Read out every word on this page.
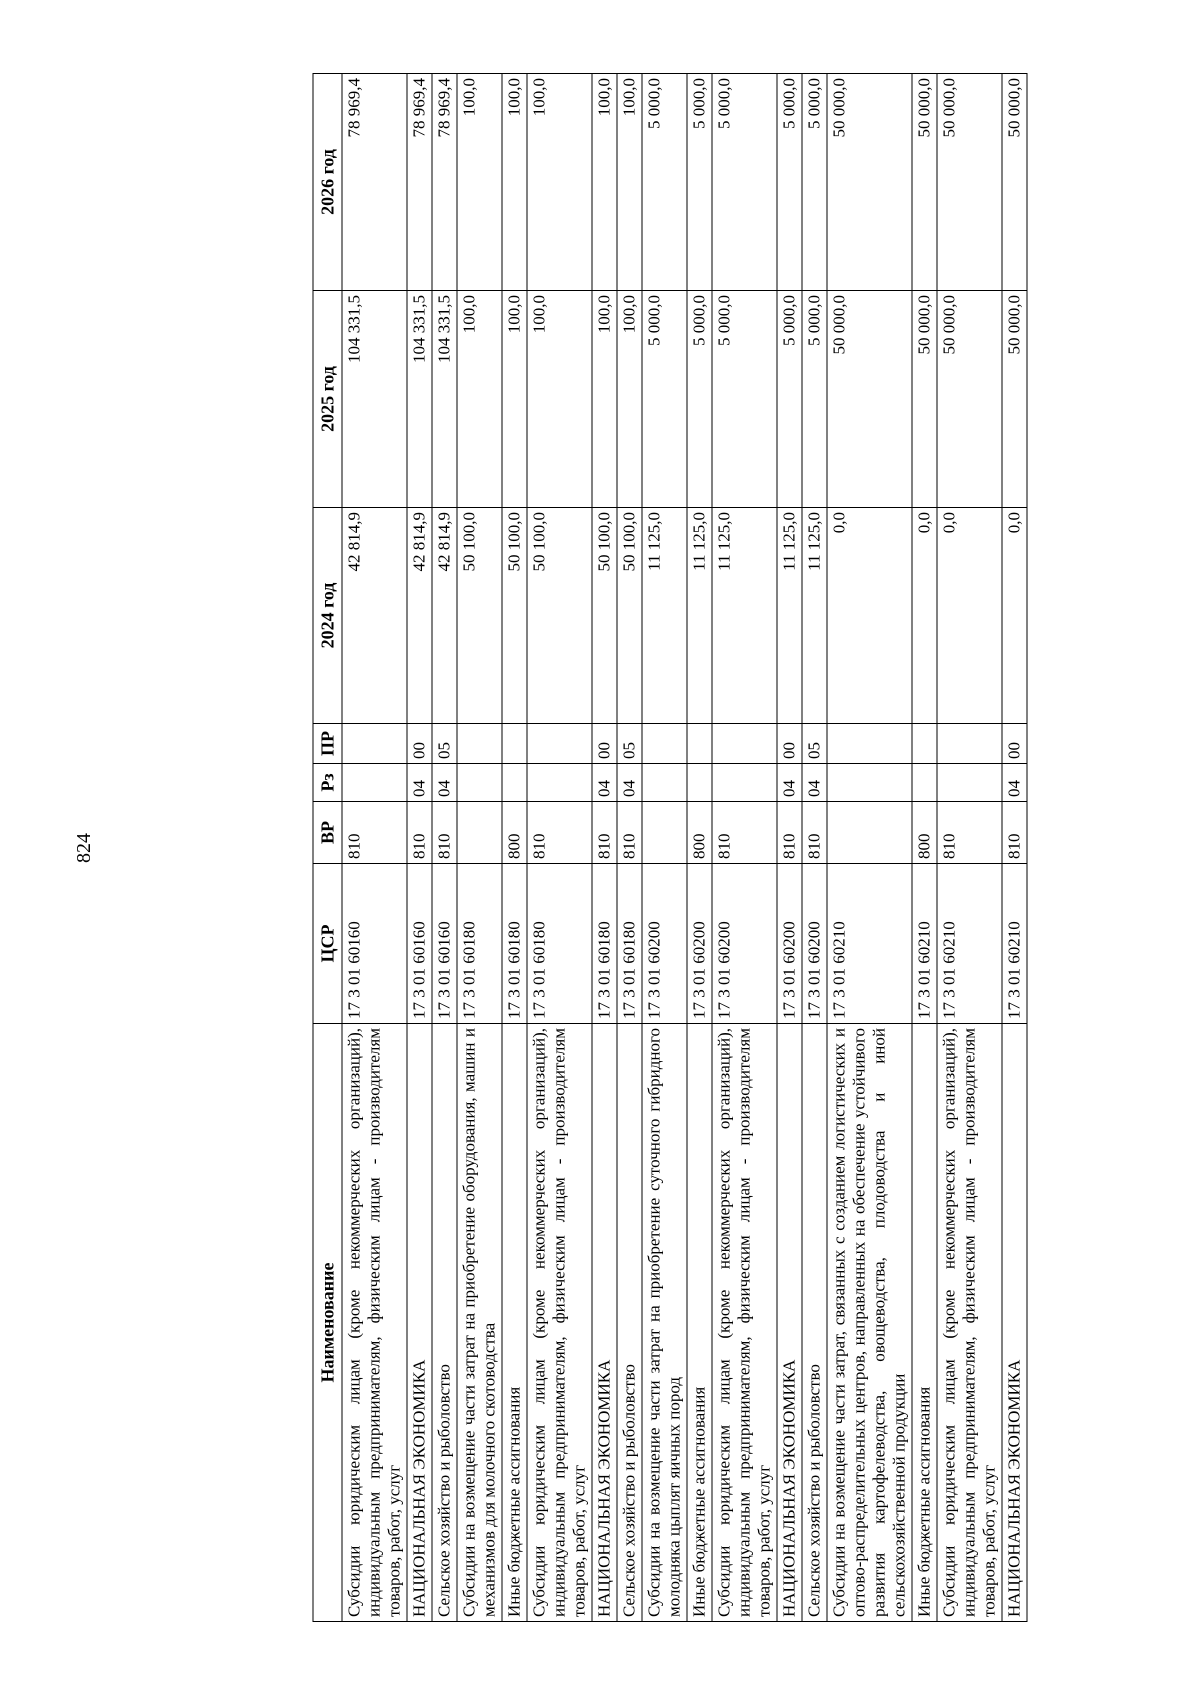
824
Наименование	ЦСР	ВР	Рз	ПР	2024 год	2025 год	2026 год
Субсидии юридическим лицам (кроме некоммерческих организаций), индивидуальным предпринимателям, физическим лицам - производителям товаров, работ, услуг	17 3 01 60160	810			42 814,9	104 331,5	78 969,4
НАЦИОНАЛЬНАЯ ЭКОНОМИКА	17 3 01 60160	810	04	00	42 814,9	104 331,5	78 969,4
Сельское хозяйство и рыболовство	17 3 01 60160	810	04	05	42 814,9	104 331,5	78 969,4
Субсидии на возмещение части затрат на приобретение оборудования, машин и механизмов для молочного скотоводства	17 3 01 60180				50 100,0	100,0	100,0
Иные бюджетные ассигнования	17 3 01 60180	800			50 100,0	100,0	100,0
Субсидии юридическим лицам (кроме некоммерческих организаций), индивидуальным предпринимателям, физическим лицам - производителям товаров, работ, услуг	17 3 01 60180	810			50 100,0	100,0	100,0
НАЦИОНАЛЬНАЯ ЭКОНОМИКА	17 3 01 60180	810	04	00	50 100,0	100,0	100,0
Сельское хозяйство и рыболовство	17 3 01 60180	810	04	05	50 100,0	100,0	100,0
Субсидии на возмещение части затрат на приобретение суточного гибридного молодняка цыплят яичных пород	17 3 01 60200				11 125,0	5 000,0	5 000,0
Иные бюджетные ассигнования	17 3 01 60200	800			11 125,0	5 000,0	5 000,0
Субсидии юридическим лицам (кроме некоммерческих организаций), индивидуальным предпринимателям, физическим лицам - производителям товаров, работ, услуг	17 3 01 60200	810			11 125,0	5 000,0	5 000,0
НАЦИОНАЛЬНАЯ ЭКОНОМИКА	17 3 01 60200	810	04	00	11 125,0	5 000,0	5 000,0
Сельское хозяйство и рыболовство	17 3 01 60200	810	04	05	11 125,0	5 000,0	5 000,0
Субсидии на возмещение части затрат, связанных с созданием логистических и оптово-распределительных центров, направленных на обеспечение устойчивого развития картофелеводства, овощеводства, плодоводства и иной сельскохозяйственной продукции	17 3 01 60210				0,0	50 000,0	50 000,0
Иные бюджетные ассигнования	17 3 01 60210	800			0,0	50 000,0	50 000,0
Субсидии юридическим лицам (кроме некоммерческих организаций), индивидуальным предпринимателям, физическим лицам - производителям товаров, работ, услуг	17 3 01 60210	810			0,0	50 000,0	50 000,0
НАЦИОНАЛЬНАЯ ЭКОНОМИКА	17 3 01 60210	810	04	00	0,0	50 000,0	50 000,0
